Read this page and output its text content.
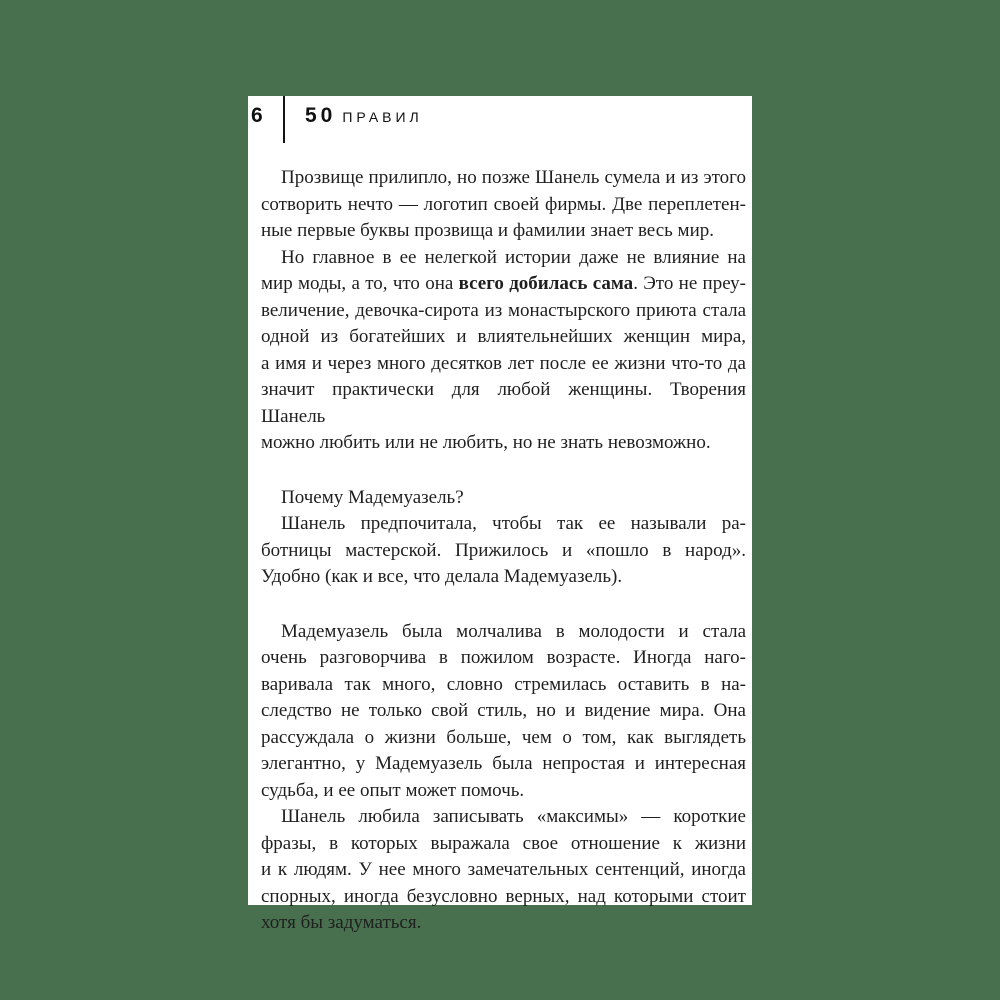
6 50 ПРАВИЛ
Прозвище прилипло, но позже Шанель сумела и из этого
сотворить нечто — логотип своей фирмы. Две переплетен-
ные первые буквы прозвища и фамилии знает весь мир.
Но главное в ее нелегкой истории даже не влияние на
мир моды, а то, что она всего добилась сама. Это не преу-
величение, девочка-сирота из монастырского приюта стала
одной из богатейших и влиятельнейших женщин мира,
а имя и через много десятков лет после ее жизни что-то да
значит практически для любой женщины. Творения Шанель
можно любить или не любить, но не знать невозможно.
Почему Мадемуазель?
Шанель предпочитала, чтобы так ее называли ра-
ботницы мастерской. Прижилось и «пошло в народ».
Удобно (как и все, что делала Мадемуазель).
Мадемуазель была молчалива в молодости и стала
очень разговорчива в пожилом возрасте. Иногда наго-
варивала так много, словно стремилась оставить в на-
следство не только свой стиль, но и видение мира. Она
рассуждала о жизни больше, чем о том, как выглядеть
элегантно, у Мадемуазель была непростая и интересная
судьба, и ее опыт может помочь.
Шанель любила записывать «максимы» — короткие
фразы, в которых выражала свое отношение к жизни
и к людям. У нее много замечательных сентенций, иногда
спорных, иногда безусловно верных, над которыми стоит
хотя бы задуматься.
